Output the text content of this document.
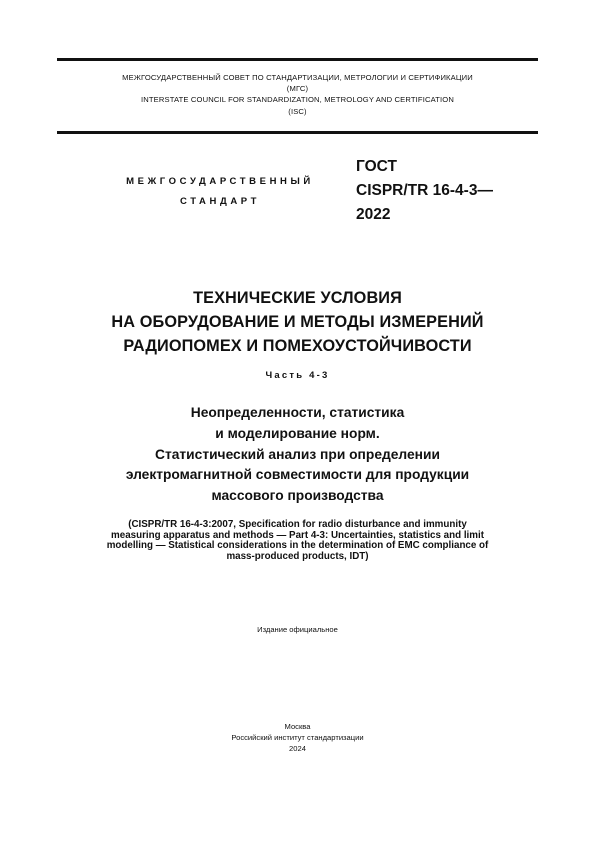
МЕЖГОСУДАРСТВЕННЫЙ СОВЕТ ПО СТАНДАРТИЗАЦИИ, МЕТРОЛОГИИ И СЕРТИФИКАЦИИ
(МГС)
INTERSTATE COUNCIL FOR STANDARDIZATION, METROLOGY AND CERTIFICATION
(ISC)
МЕЖГОСУДАРСТВЕННЫЙ
СТАНДАРТ
ГОСТ
CISPR/TR 16-4-3—
2022
ТЕХНИЧЕСКИЕ УСЛОВИЯ
НА ОБОРУДОВАНИЕ И МЕТОДЫ ИЗМЕРЕНИЙ
РАДИОПОМЕХ И ПОМЕХОУСТОЙЧИВОСТИ
Часть 4-3
Неопределенности, статистика
и моделирование норм.
Статистический анализ при определении
электромагнитной совместимости для продукции
массового производства
(CISPR/TR 16-4-3:2007, Specification for radio disturbance and immunity
measuring apparatus and methods — Part 4-3: Uncertainties, statistics and limit
modelling — Statistical considerations in the determination of EMC compliance of
mass-produced products, IDT)
Издание официальное
Москва
Российский институт стандартизации
2024
